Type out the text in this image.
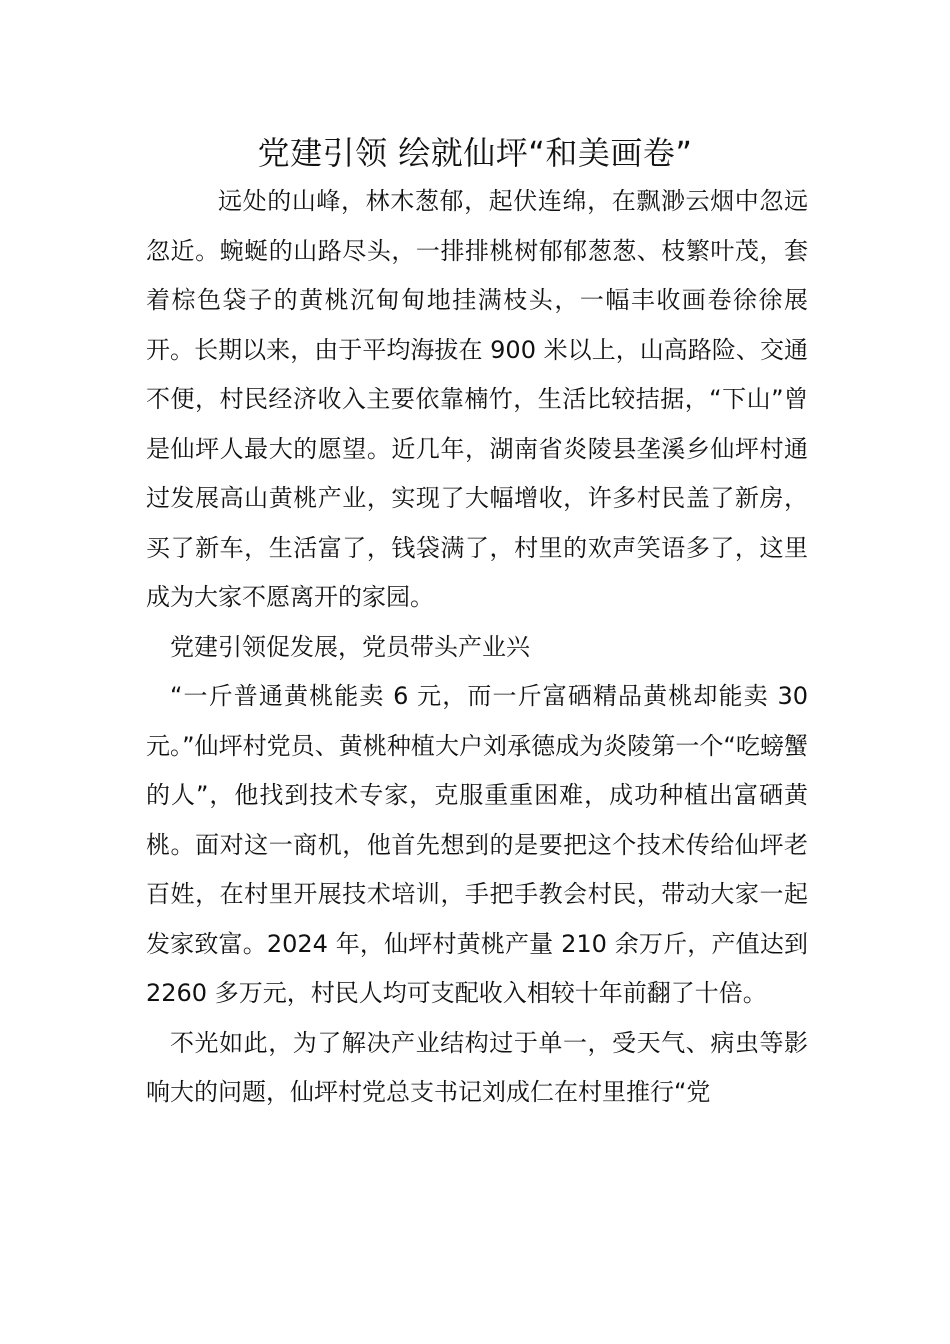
党建引领 绘就仙坪“和美画卷”

远处的山峰，林木葱郁，起伏连绵，在飘渺云烟中忽远忽近。蜿蜒的山路尽头，一排排桃树郁郁葱葱、枝繁叶茂，套着棕色袋子的黄桃沉甸甸地挂满枝头，一幅丰收画卷徐徐展开。长期以来，由于平均海拔在 900 米以上，山高路险、交通不便，村民经济收入主要依靠楠竹，生活比较拮据，“下山”曾是仙坪人最大的愿望。近几年，湖南省炎陵县垄溪乡仙坪村通过发展高山黄桃产业，实现了大幅增收，许多村民盖了新房，买了新车，生活富了，钱袋满了，村里的欢声笑语多了，这里成为大家不愿离开的家园。

党建引领促发展，党员带头产业兴

“一斤普通黄桃能卖 6 元，而一斤富硒精品黄桃却能卖 30 元。”仙坪村党员、黄桃种植大户刘承德成为炎陵第一个“吃螃蟹的人”，他找到技术专家，克服重重困难，成功种植出富硒黄桃。面对这一商机，他首先想到的是要把这个技术传给仙坪老百姓，在村里开展技术培训，手把手教会村民，带动大家一起发家致富。2024 年，仙坪村黄桃产量 210 余万斤，产值达到 2260 多万元，村民人均可支配收入相较十年前翻了十倍。

不光如此，为了解决产业结构过于单一，受天气、病虫等影响大的问题，仙坪村党总支书记刘成仁在村里推行“党
